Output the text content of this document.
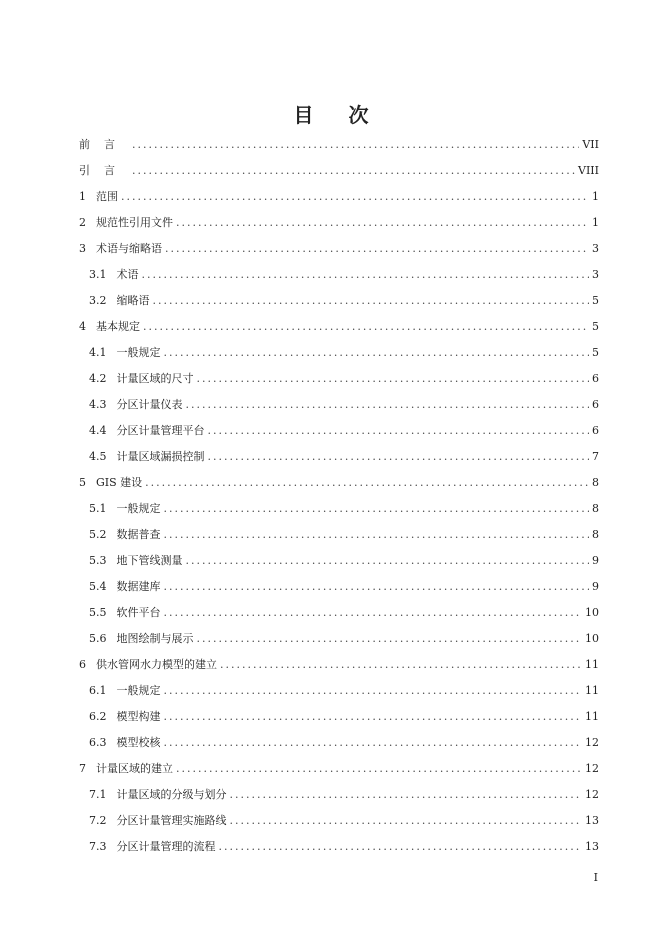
目 次
前言 .....	VII
引言 .....	VIII
1 范围 .....	1
2 规范性引用文件 .....	1
3 术语与缩略语 .....	3
3.1 术语 .....	3
3.2 缩略语 .....	5
4 基本规定 .....	5
4.1 一般规定 .....	5
4.2 计量区域的尺寸 .....	6
4.3 分区计量仪表 .....	6
4.4 分区计量管理平台 .....	6
4.5 计量区域漏损控制 .....	7
5 GIS 建设 .....	8
5.1 一般规定 .....	8
5.2 数据普查 .....	8
5.3 地下管线测量 .....	9
5.4 数据建库 .....	9
5.5 软件平台 .....	10
5.6 地图绘制与展示 .....	10
6 供水管网水力模型的建立 .....	11
6.1 一般规定 .....	11
6.2 模型构建 .....	11
6.3 模型校核 .....	12
7 计量区域的建立 .....	12
7.1 计量区域的分级与划分 .....	12
7.2 分区计量管理实施路线 .....	13
7.3 分区计量管理的流程 .....	13
I
